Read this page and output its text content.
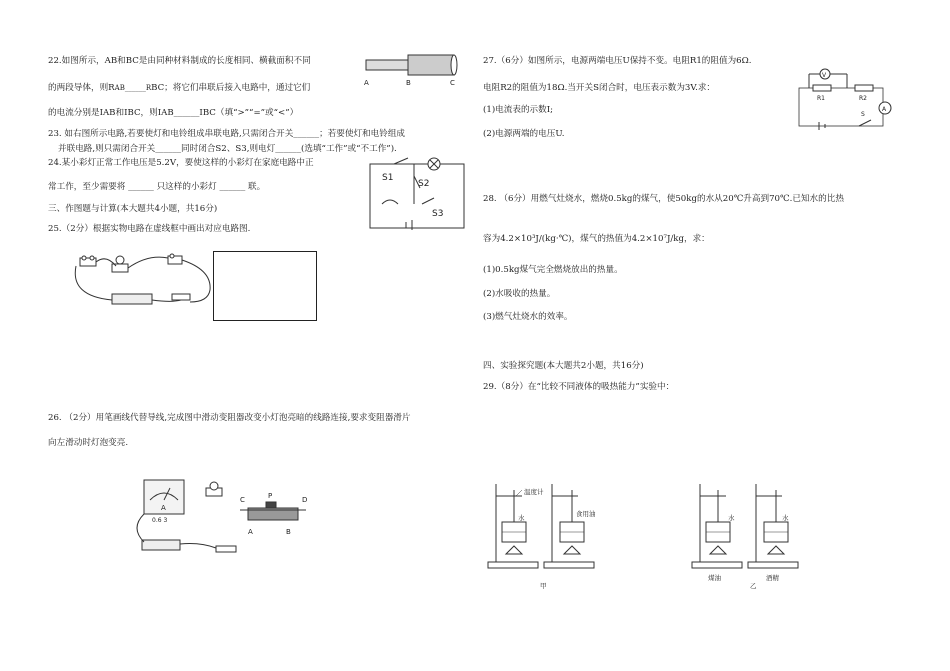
22.如图所示，AB和BC是由同种材料制成的长度相同、横截面积不同
的两段导体，则RAB______RBC；将它们串联后接入电路中，通过它们
的电流分别是IAB和IBC，则IAB______IBC（填“>”“=”或“<”）
A	B	C
23. 如右图所示电路,若要使灯和电铃组成串联电路,只需闭合开关______；若要使灯和电铃组成
并联电路,则只需闭合开关______同时闭合S2、S3,则电灯______(选填“工作”或“不工作”).
24.某小彩灯正常工作电压是5.2V，要使这样的小彩灯在家庭电路中正
常工作，至少需要将 ______ 只这样的小彩灯 ______ 联。
S1
S2
S3
三、作图题与计算(本大题共4小题，共16分)
25.（2分）根据实物电路在虚线框中画出对应电路图.
26. （2分）用笔画线代替导线,完成图中滑动变阻器改变小灯泡亮暗的线路连接,要求变阻器滑片
向左滑动时灯泡变亮.
A
0.6 3
C	P	D
A	B
27.（6分）如图所示，电源两端电压U保持不变。电阻R1的阻值为6Ω.
电阻R2的阻值为18Ω.当开关S闭合时，电压表示数为3V.求：
(1)电流表的示数I;
(2)电源两端的电压U.
V
R1	R2
A
S
28. （6分）用燃气灶烧水，燃烧0.5kg的煤气，使50kg的水从20℃升高到70℃.已知水的比热
容为4.2×10³J/(kg·℃)，煤气的热值为4.2×10⁷J/kg，求：
(1)0.5kg煤气完全燃烧放出的热量。
(2)水吸收的热量。
(3)燃气灶烧水的效率。
四、实验探究题(本大题共2小题，共16分)
29.（8分）在“比较不同液体的吸热能力”实验中：
温度计
水	食用油
甲
水	水
煤油	酒精
乙
